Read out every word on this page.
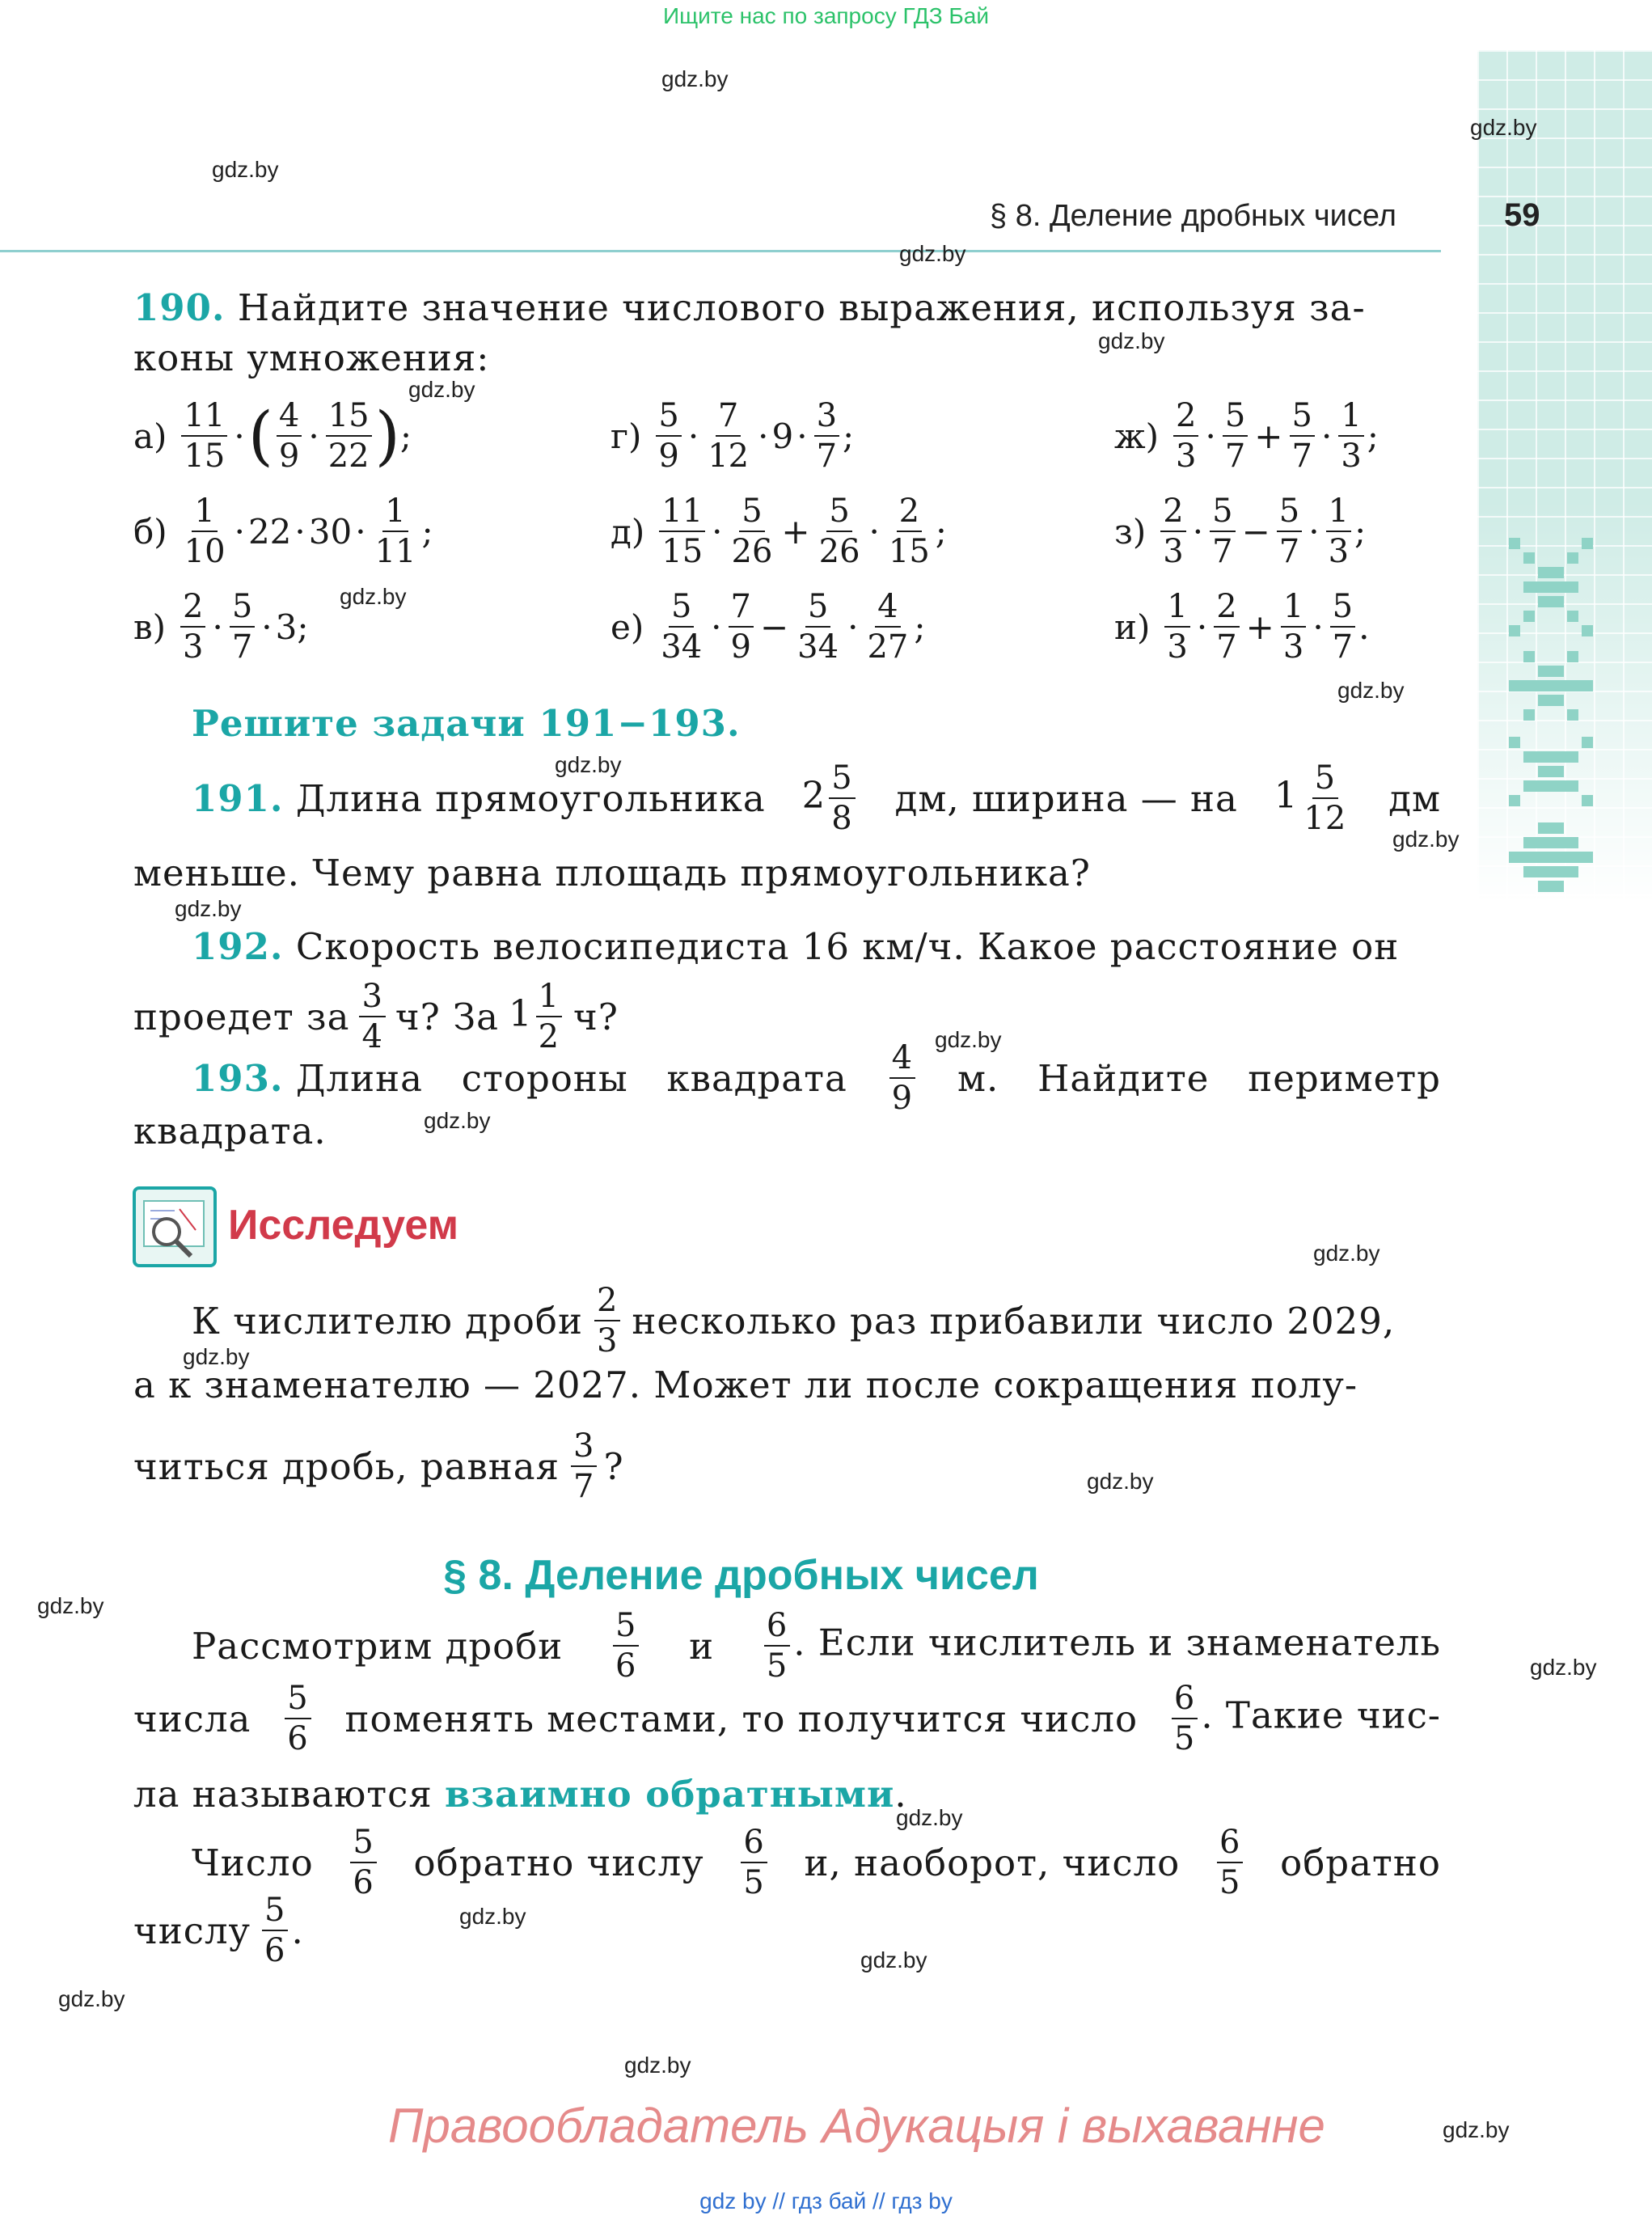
Ищите нас по запросу ГДЗ Бай
§ 8. Деление дробных чисел	59
190. Найдите значение числового выражения, используя за-
коны умножения:
$а) \frac{11}{15}$ · ( $\frac{4}{9} \cdot \frac{15}{22}$ ) ;
$б) \frac{1}{10} \cdot 22 \cdot 30 \cdot \frac{1}{11}$ ;
$в) \frac{2}{3} \cdot \frac{5}{7} \cdot 3$;
$г) \frac{5}{9} \cdot \frac{7}{12} \cdot 9 \cdot \frac{3}{7}$ ;
$д) \frac{11}{15} \cdot \frac{5}{26} + \frac{5}{26} \cdot \frac{2}{15}$ ;
$е) \frac{5}{34} \cdot \frac{7}{9} - \frac{5}{34} \cdot \frac{4}{27}$ ;
$ж) \frac{2}{3} \cdot \frac{5}{7} + \frac{5}{7} \cdot \frac{1}{3}$ ;
$з) \frac{2}{3} \cdot \frac{5}{7} - \frac{5}{7} \cdot \frac{1}{3}$ ;
$и) \frac{1}{3} \cdot \frac{2}{7} + \frac{1}{3} \cdot \frac{5}{7}$ .
Решите задачи 191−193.
191. Длина прямоугольника $2 \frac{5}{8}$ дм, ширина — на $1 \frac{5}{12}$ дм
меньше. Чему равна площадь прямоугольника?
192. Скорость велосипедиста 16 км/ч. Какое расстояние он
проедет за $\frac{3}{4} ч$? За $1 \frac{1}{2} ч$?
193. Длина стороны квадрата $\frac{4}{9} м$. Найдите периметр
квадрата.
Исследуем
К числителю дроби $\frac{2}{3}$ несколько раз прибавили число 2029,
а к знаменателю — 2027. Может ли после сокращения полу-
читься дробь, равная $\frac{3}{7}$ ?
§ 8. Деление дробных чисел
Рассмотрим дроби $\frac{5}{6}$ и $\frac{6}{5}$ . Если числитель и знаменатель
числа $\frac{5}{6}$ поменять местами, то получится число $\frac{6}{5}$ . Такие чис-
ла называются взаимно обратными.
Число $\frac{5}{6}$ обратно числу $\frac{6}{5} и$, наоборот, число $\frac{6}{5}$ обратно
числу $\frac{5}{6}$ .
Правообладатель Адукацыя і выхаванне
gdz by // гдз бай // гдз by
gdz.by
gdz.by
gdz.by
gdz.by
gdz.by
gdz.by
gdz.by
gdz.by
gdz.by
gdz.by
gdz.by
gdz.by
gdz.by
gdz.by
gdz.by
gdz.by
gdz.by
gdz.by
gdz.by
gdz.by
gdz.by
gdz.by
gdz.by
gdz.by
